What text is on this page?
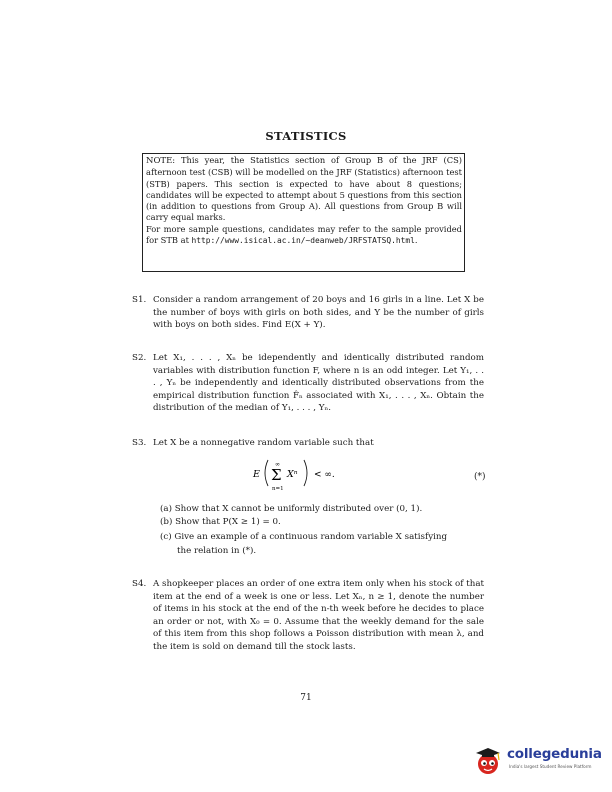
STATISTICS
NOTE: This year, the Statistics section of Group B of the JRF (CS) afternoon test (CSB) will be modelled on the JRF (Statistics) afternoon test (STB) papers. This section is expected to have about 8 questions; candidates will be expected to attempt about 5 questions from this section (in addition to questions from Group A). All questions from Group B will carry equal marks.
For more sample questions, candidates may refer to the sample provided for STB at http://www.isical.ac.in/~deanweb/JRFSTATSQ.html.
S1. Consider a random arrangement of 20 boys and 16 girls in a line. Let X be the number of boys with girls on both sides, and Y be the number of girls with boys on both sides. Find E(X + Y).
S2. Let X₁, . . . , Xₙ be idependently and identically distributed random variables with distribution function F, where n is an odd integer. Let Y₁, . . . , Yₙ be independently and identically distributed observations from the empirical distribution function F̂ₙ associated with X₁, . . . , Xₙ. Obtain the distribution of the median of Y₁, . . . , Yₙ.
S3. Let X be a nonnegative random variable such that
E
∞
Σ
n=1
Xⁿ < ∞.	(*)
(a) Show that X cannot be uniformly distributed over (0, 1).
(b) Show that P(X ≥ 1) = 0.
(c) Give an example of a continuous random variable X satisfying
the relation in (*).
S4. A shopkeeper places an order of one extra item only when his stock of that item at the end of a week is one or less. Let Xₙ, n ≥ 1, denote the number of items in his stock at the end of the n-th week before he decides to place an order or not, with X₀ = 0. Assume that the weekly demand for the sale of this item from this shop follows a Poisson distribution with mean λ, and the item is sold on demand till the stock lasts.
71
collegedunia
India's largest Student Review Platform
